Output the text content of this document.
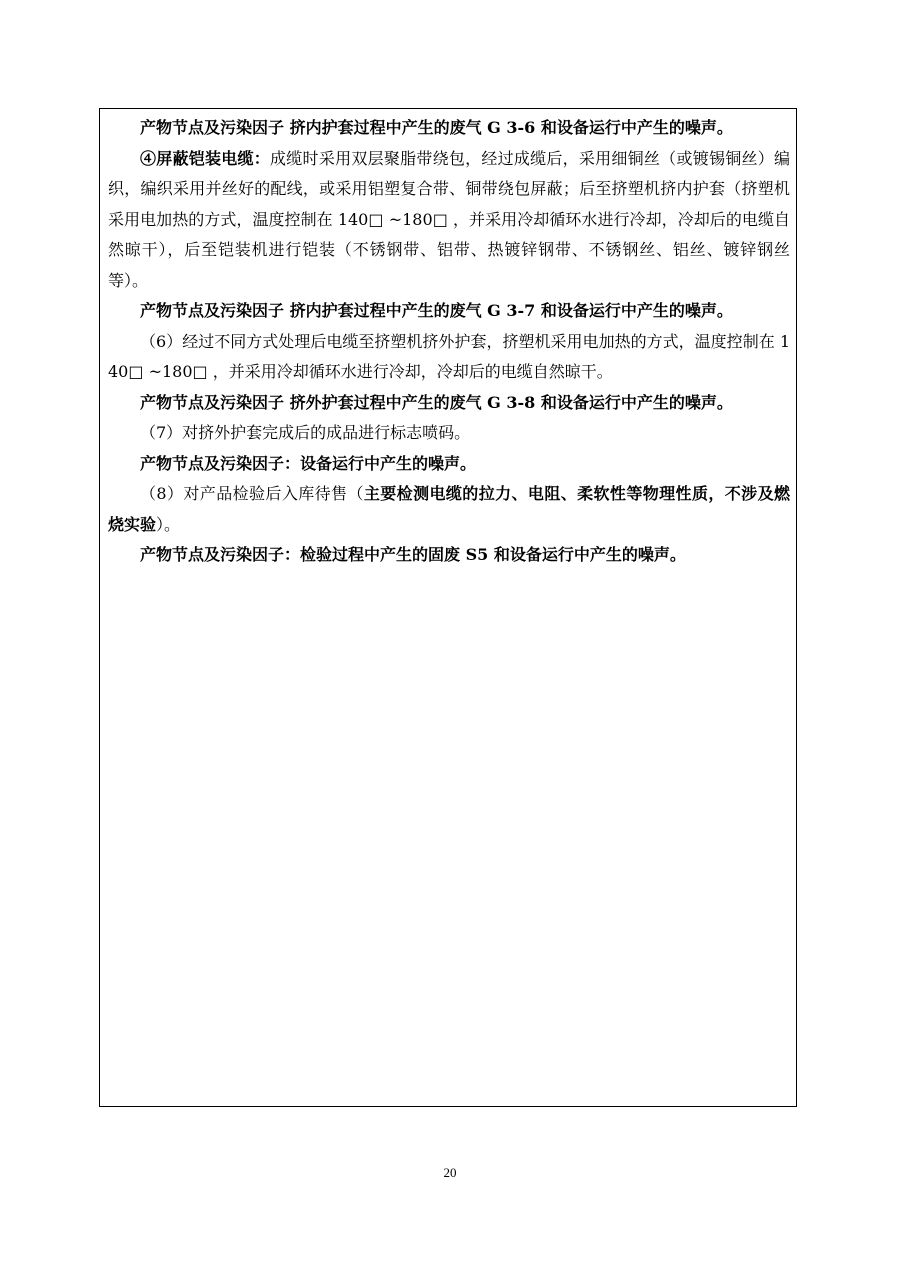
产物节点及污染因子 挤内护套过程中产生的废气 G 3-6 和设备运行中产生的噪声。

④屏蔽铠装电缆：成缆时采用双层聚脂带绕包，经过成缆后，采用细铜丝（或镀锡铜丝）编织，编织采用并丝好的配线，或采用铝塑复合带、铜带绕包屏蔽；后至挤塑机挤内护套（挤塑机采用电加热的方式，温度控制在 140□ ~180□ ，并采用冷却循环水进行冷却，冷却后的电缆自然晾干），后至铠装机进行铠装（不锈钢带、铝带、热镀锌钢带、不锈钢丝、铝丝、镀锌钢丝等）。

产物节点及污染因子 挤内护套过程中产生的废气 G 3-7 和设备运行中产生的噪声。

（6）经过不同方式处理后电缆至挤塑机挤外护套，挤塑机采用电加热的方式，温度控制在 140□ ~180□ ，并采用冷却循环水进行冷却，冷却后的电缆自然晾干。

产物节点及污染因子 挤外护套过程中产生的废气 G 3-8 和设备运行中产生的噪声。

（7）对挤外护套完成后的成品进行标志喷码。

产物节点及污染因子：设备运行中产生的噪声。

（8）对产品检验后入库待售（主要检测电缆的拉力、电阻、柔软性等物理性质，不涉及燃烧实验）。

产物节点及污染因子：检验过程中产生的固废 S5 和设备运行中产生的噪声。

20
